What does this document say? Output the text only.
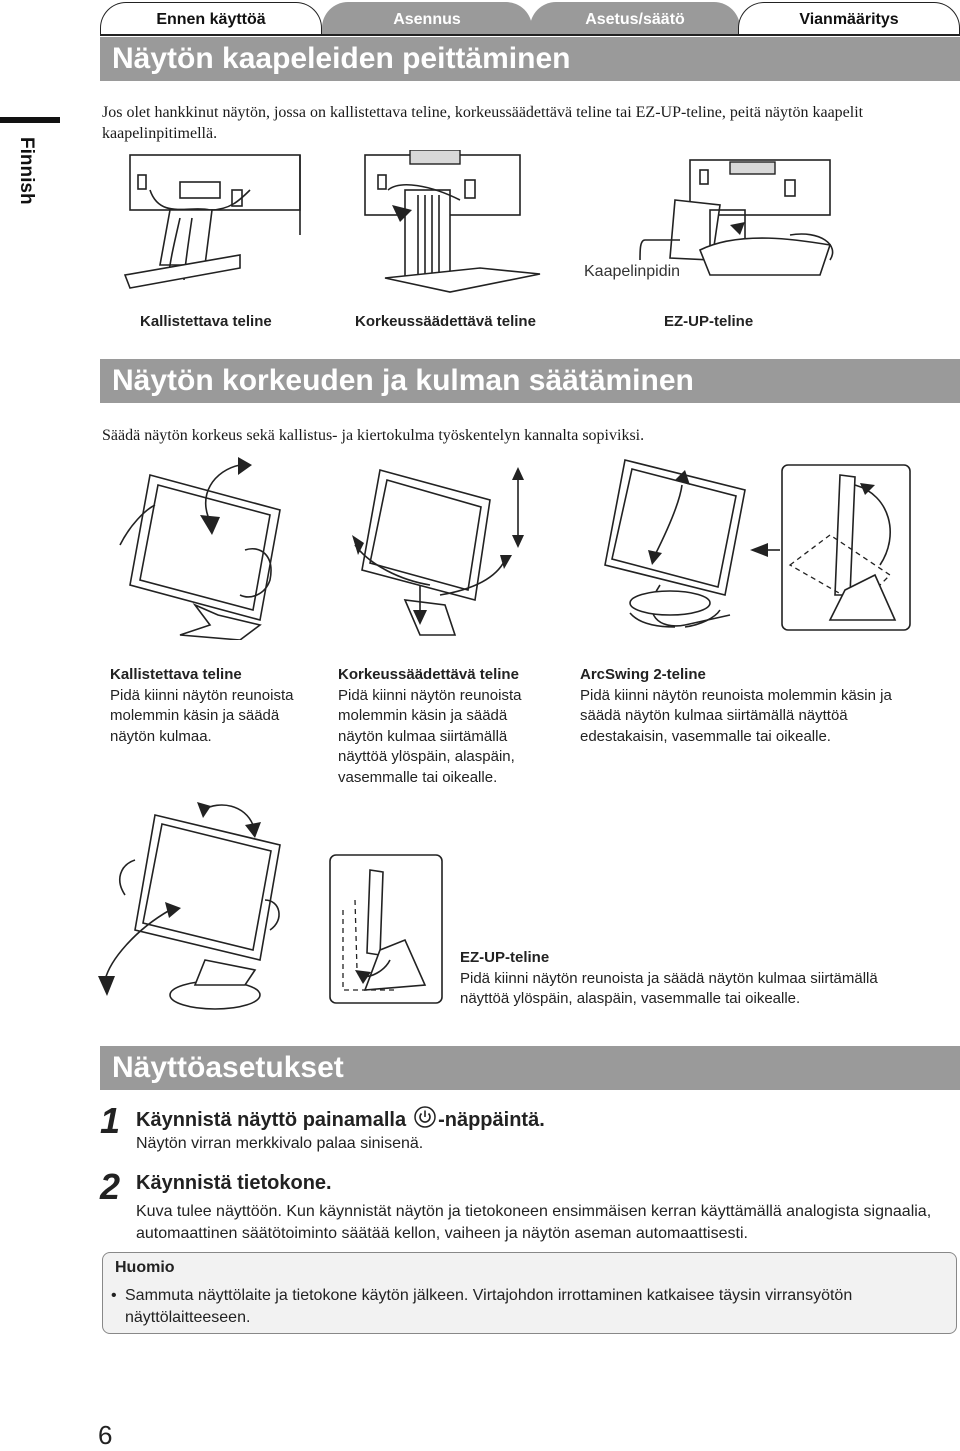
Ennen käyttöä	Asennus	Asetus/säätö	Vianmääritys
Finnish
Näytön kaapeleiden peittäminen
Jos olet hankkinut näytön, jossa on kallistettava teline, korkeussäädettävä teline tai EZ-UP-teline, peitä näytön kaapelit kaapelinpitimellä.
Kaapelinpidin
Kallistettava teline	Korkeussäädettävä teline	EZ-UP-teline
Näytön korkeuden ja kulman säätäminen
Säädä näytön korkeus sekä kallistus- ja kiertokulma työskentelyn kannalta sopiviksi.
Kallistettava teline
Pidä kiinni näytön reunoista molemmin käsin ja säädä näytön kulmaa.
Korkeussäädettävä teline
Pidä kiinni näytön reunoista molemmin käsin ja säädä näytön kulmaa siirtämällä näyttöä ylöspäin, alaspäin, vasemmalle tai oikealle.
ArcSwing 2-teline
Pidä kiinni näytön reunoista molemmin käsin ja säädä näytön kulmaa siirtämällä näyttöä edestakaisin, vasemmalle tai oikealle.
EZ-UP-teline
Pidä kiinni näytön reunoista ja säädä näytön kulmaa siirtämällä näyttöä ylöspäin, alaspäin, vasemmalle tai oikealle.
Näyttöasetukset
1 Käynnistä näyttö painamalla -näppäintä.
Näytön virran merkkivalo palaa sinisenä.
2 Käynnistä tietokone.
Kuva tulee näyttöön. Kun käynnistät näytön ja tietokoneen ensimmäisen kerran käyttämällä analogista signaalia, automaattinen säätötoiminto säätää kellon, vaiheen ja näytön aseman automaattisesti.
Huomio
• Sammuta näyttölaite ja tietokone käytön jälkeen. Virtajohdon irrottaminen katkaisee täysin virransyötön näyttölaitteeseen.
6
